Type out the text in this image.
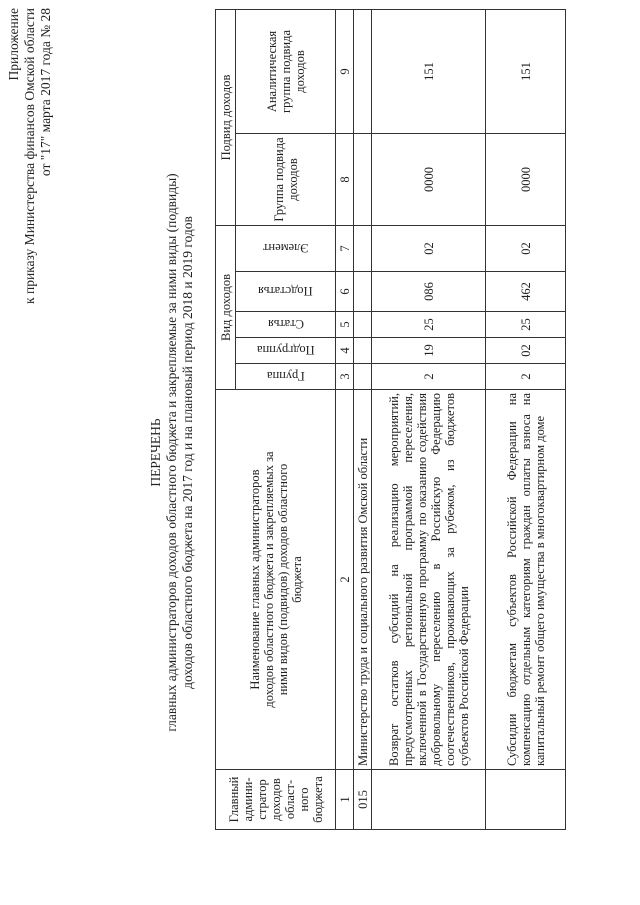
Приложение к приказу Министерства финансов Омской области от "17" марта 2017 года № 28
ПЕРЕЧЕНЬ главных администраторов доходов областного бюджета и закрепляемые за ними виды (подвиды) доходов областного бюджета на 2017 год и на плановый период 2018 и 2019 годов
Главный админи-стратор доходов област-ного бюджета	Наименование главных администраторов доходов областного бюджета и закрепляемых за ними видов (подвидов) доходов областного бюджета	Вид доходов					Подвид доходов	

		Группа	Подгруппа	Статья	Подстатья	Элемент	Группа подвида доходов	Аналитическая группа подвида доходов
1	2	3	4	5	6	7	8	9
015	Министерство труда и социального развития Омской области							
	Возврат остатков субсидий на реализацию мероприятий, предусмотренных региональной программой переселения, включенной в Государственную программу по оказанию содействия добровольному переселению в Российскую Федерацию соотечественников, проживающих за рубежом, из бюджетов субъектов Российской Федерации	2	19	25	086	02	0000	151
	Субсидии бюджетам субъектов Российской Федерации на компенсацию отдельным категориям граждан оплаты взноса на капитальный ремонт общего имущества в многоквартирном доме	2	02	25	462	02	0000	151
